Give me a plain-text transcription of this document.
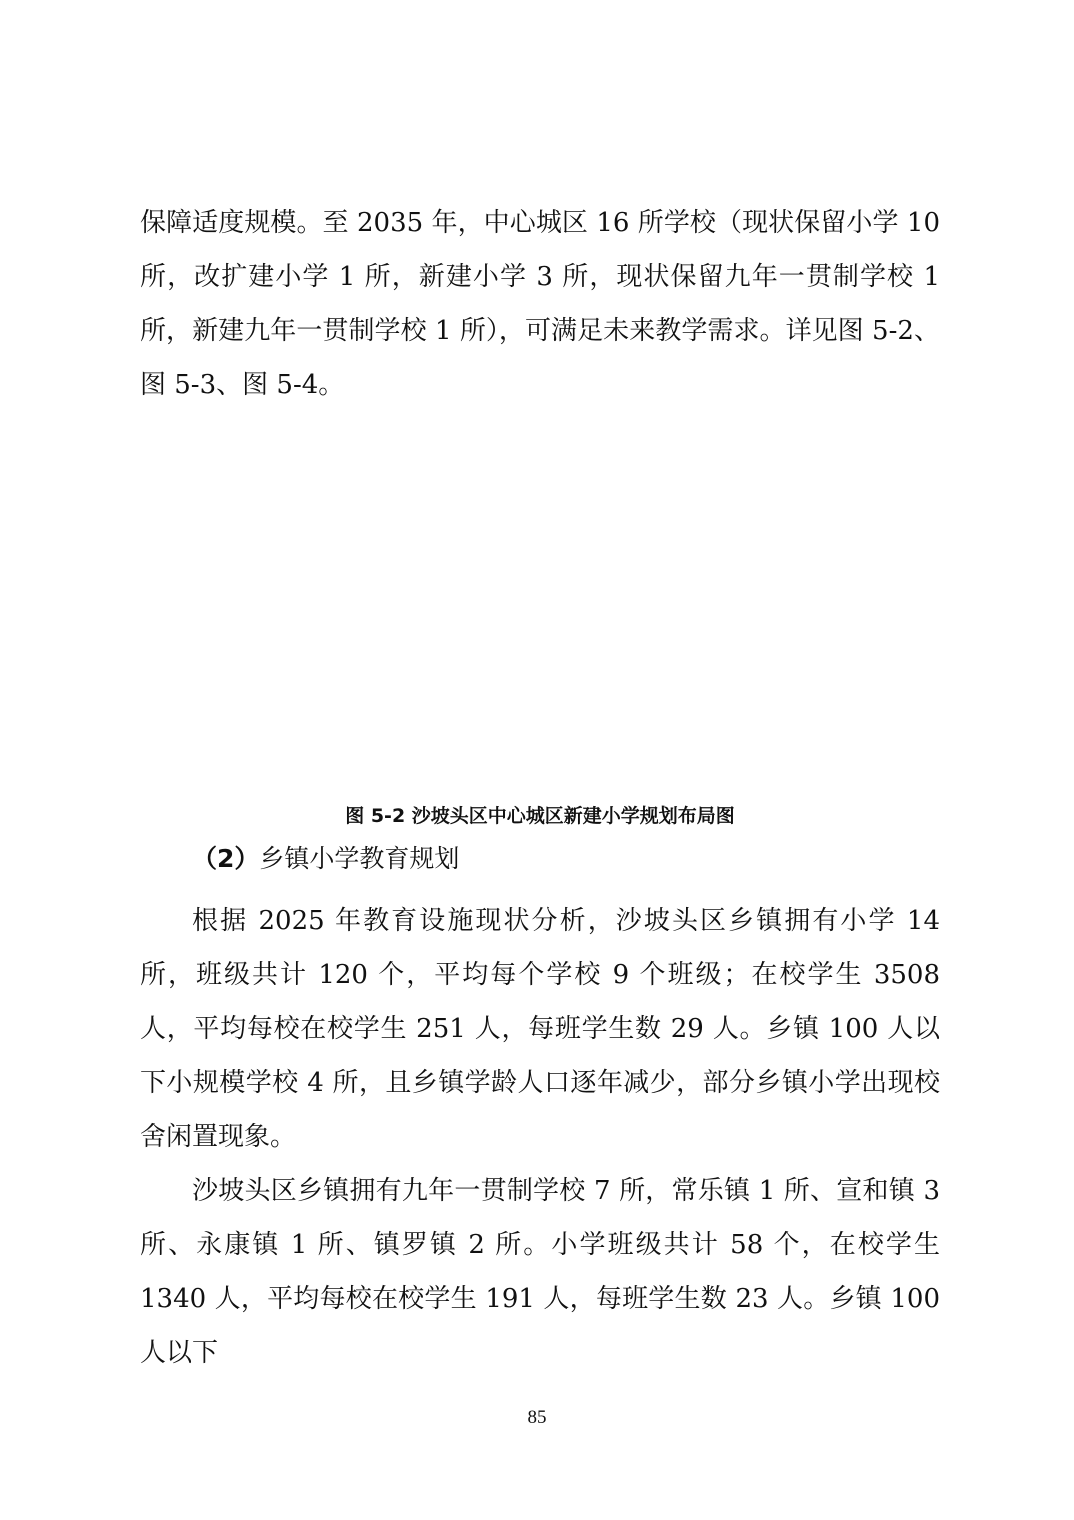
保障适度规模。至 2035 年，中心城区 16 所学校（现状保留小学 10 所，改扩建小学 1 所，新建小学 3 所，现状保留九年一贯制学校 1 所，新建九年一贯制学校 1 所），可满足未来教学需求。详见图 5-2、图 5-3、图 5-4。

图 5-2 沙坡头区中心城区新建小学规划布局图

（2）乡镇小学教育规划

根据 2025 年教育设施现状分析，沙坡头区乡镇拥有小学 14 所，班级共计 120 个，平均每个学校 9 个班级；在校学生 3508 人，平均每校在校学生 251 人，每班学生数 29 人。乡镇 100 人以下小规模学校 4 所，且乡镇学龄人口逐年减少，部分乡镇小学出现校舍闲置现象。

沙坡头区乡镇拥有九年一贯制学校 7 所，常乐镇 1 所、宣和镇 3 所、永康镇 1 所、镇罗镇 2 所。小学班级共计 58 个，在校学生 1340 人，平均每校在校学生 191 人，每班学生数 23 人。乡镇 100 人以下

85
